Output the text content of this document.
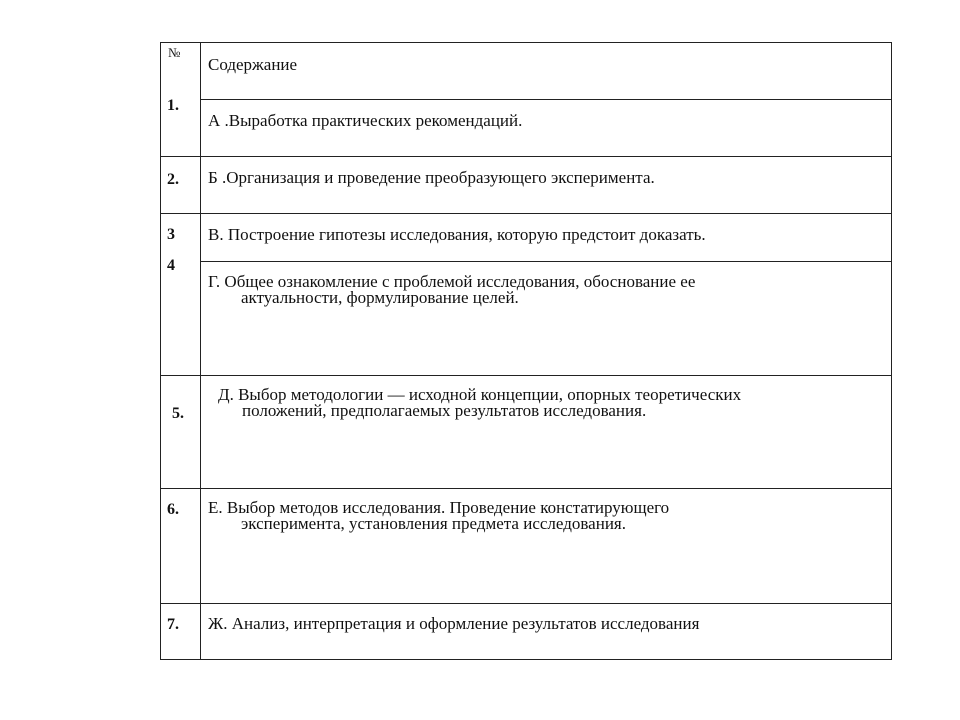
№
Содержание
1.
А .Выработка практических рекомендаций.
2. Б .Организация и проведение преобразующего эксперимента.
3 В. Построение гипотезы исследования, которую предстоит доказать.
4
Г. Общее ознакомление с проблемой исследования, обоснование ее
актуальности, формулирование целей.
5.
Д. Выбор методологии — исходной концепции, опорных теоретических
положений, предполагаемых результатов исследования.
6. Е. Выбор методов исследования. Проведение констатирующего
эксперимента, установления предмета исследования.
7. Ж. Анализ, интерпретация и оформление результатов исследования
